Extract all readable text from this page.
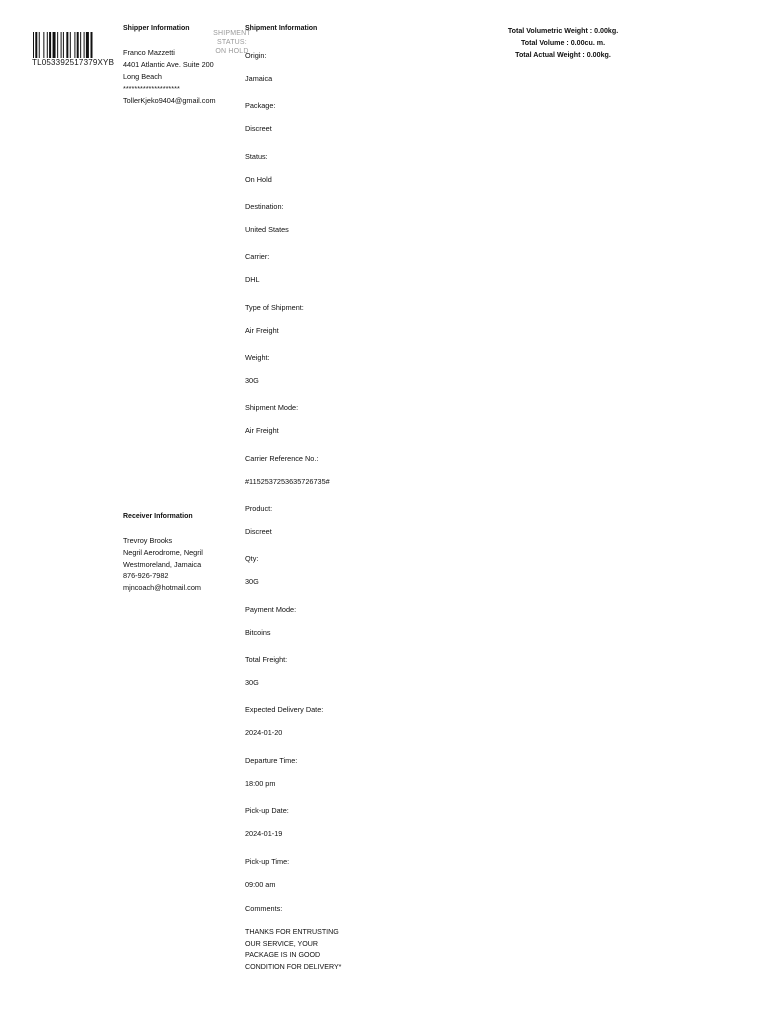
TL053392517379XYB
SHIPMENT
STATUS:
ON HOLD
Shipper Information
Franco Mazzetti
4401 Atlantic Ave. Suite 200
Long Beach
********************
TollerKjeko9404@gmail.com
Receiver Information
Trevroy Brooks
Negril Aerodrome, Negril
Westmoreland, Jamaica
876-926-7982
mjncoach@hotmail.com
Shipment Information
Origin:
Jamaica
Package:
Discreet
Status:
On Hold
Destination:
United States
Carrier:
DHL
Type of Shipment:
Air Freight
Weight:
30G
Shipment Mode:
Air Freight
Carrier Reference No.:
#115253725363572673​5#
Product:
Discreet
Qty:
30G
Payment Mode:
Bitcoins
Total Freight:
30G
Expected Delivery Date:
2024-01-20
Departure Time:
18:00 pm
Pick-up Date:
2024-01-19
Pick-up Time:
09:00 am
Comments:
THANKS FOR ENTRUSTING OUR SERVICE, YOUR PACKAGE IS IN GOOD CONDITION FOR DELIVERY*
Total Volumetric Weight : 0.00kg.
Total Volume : 0.00cu. m.
Total Actual Weight : 0.00kg.
